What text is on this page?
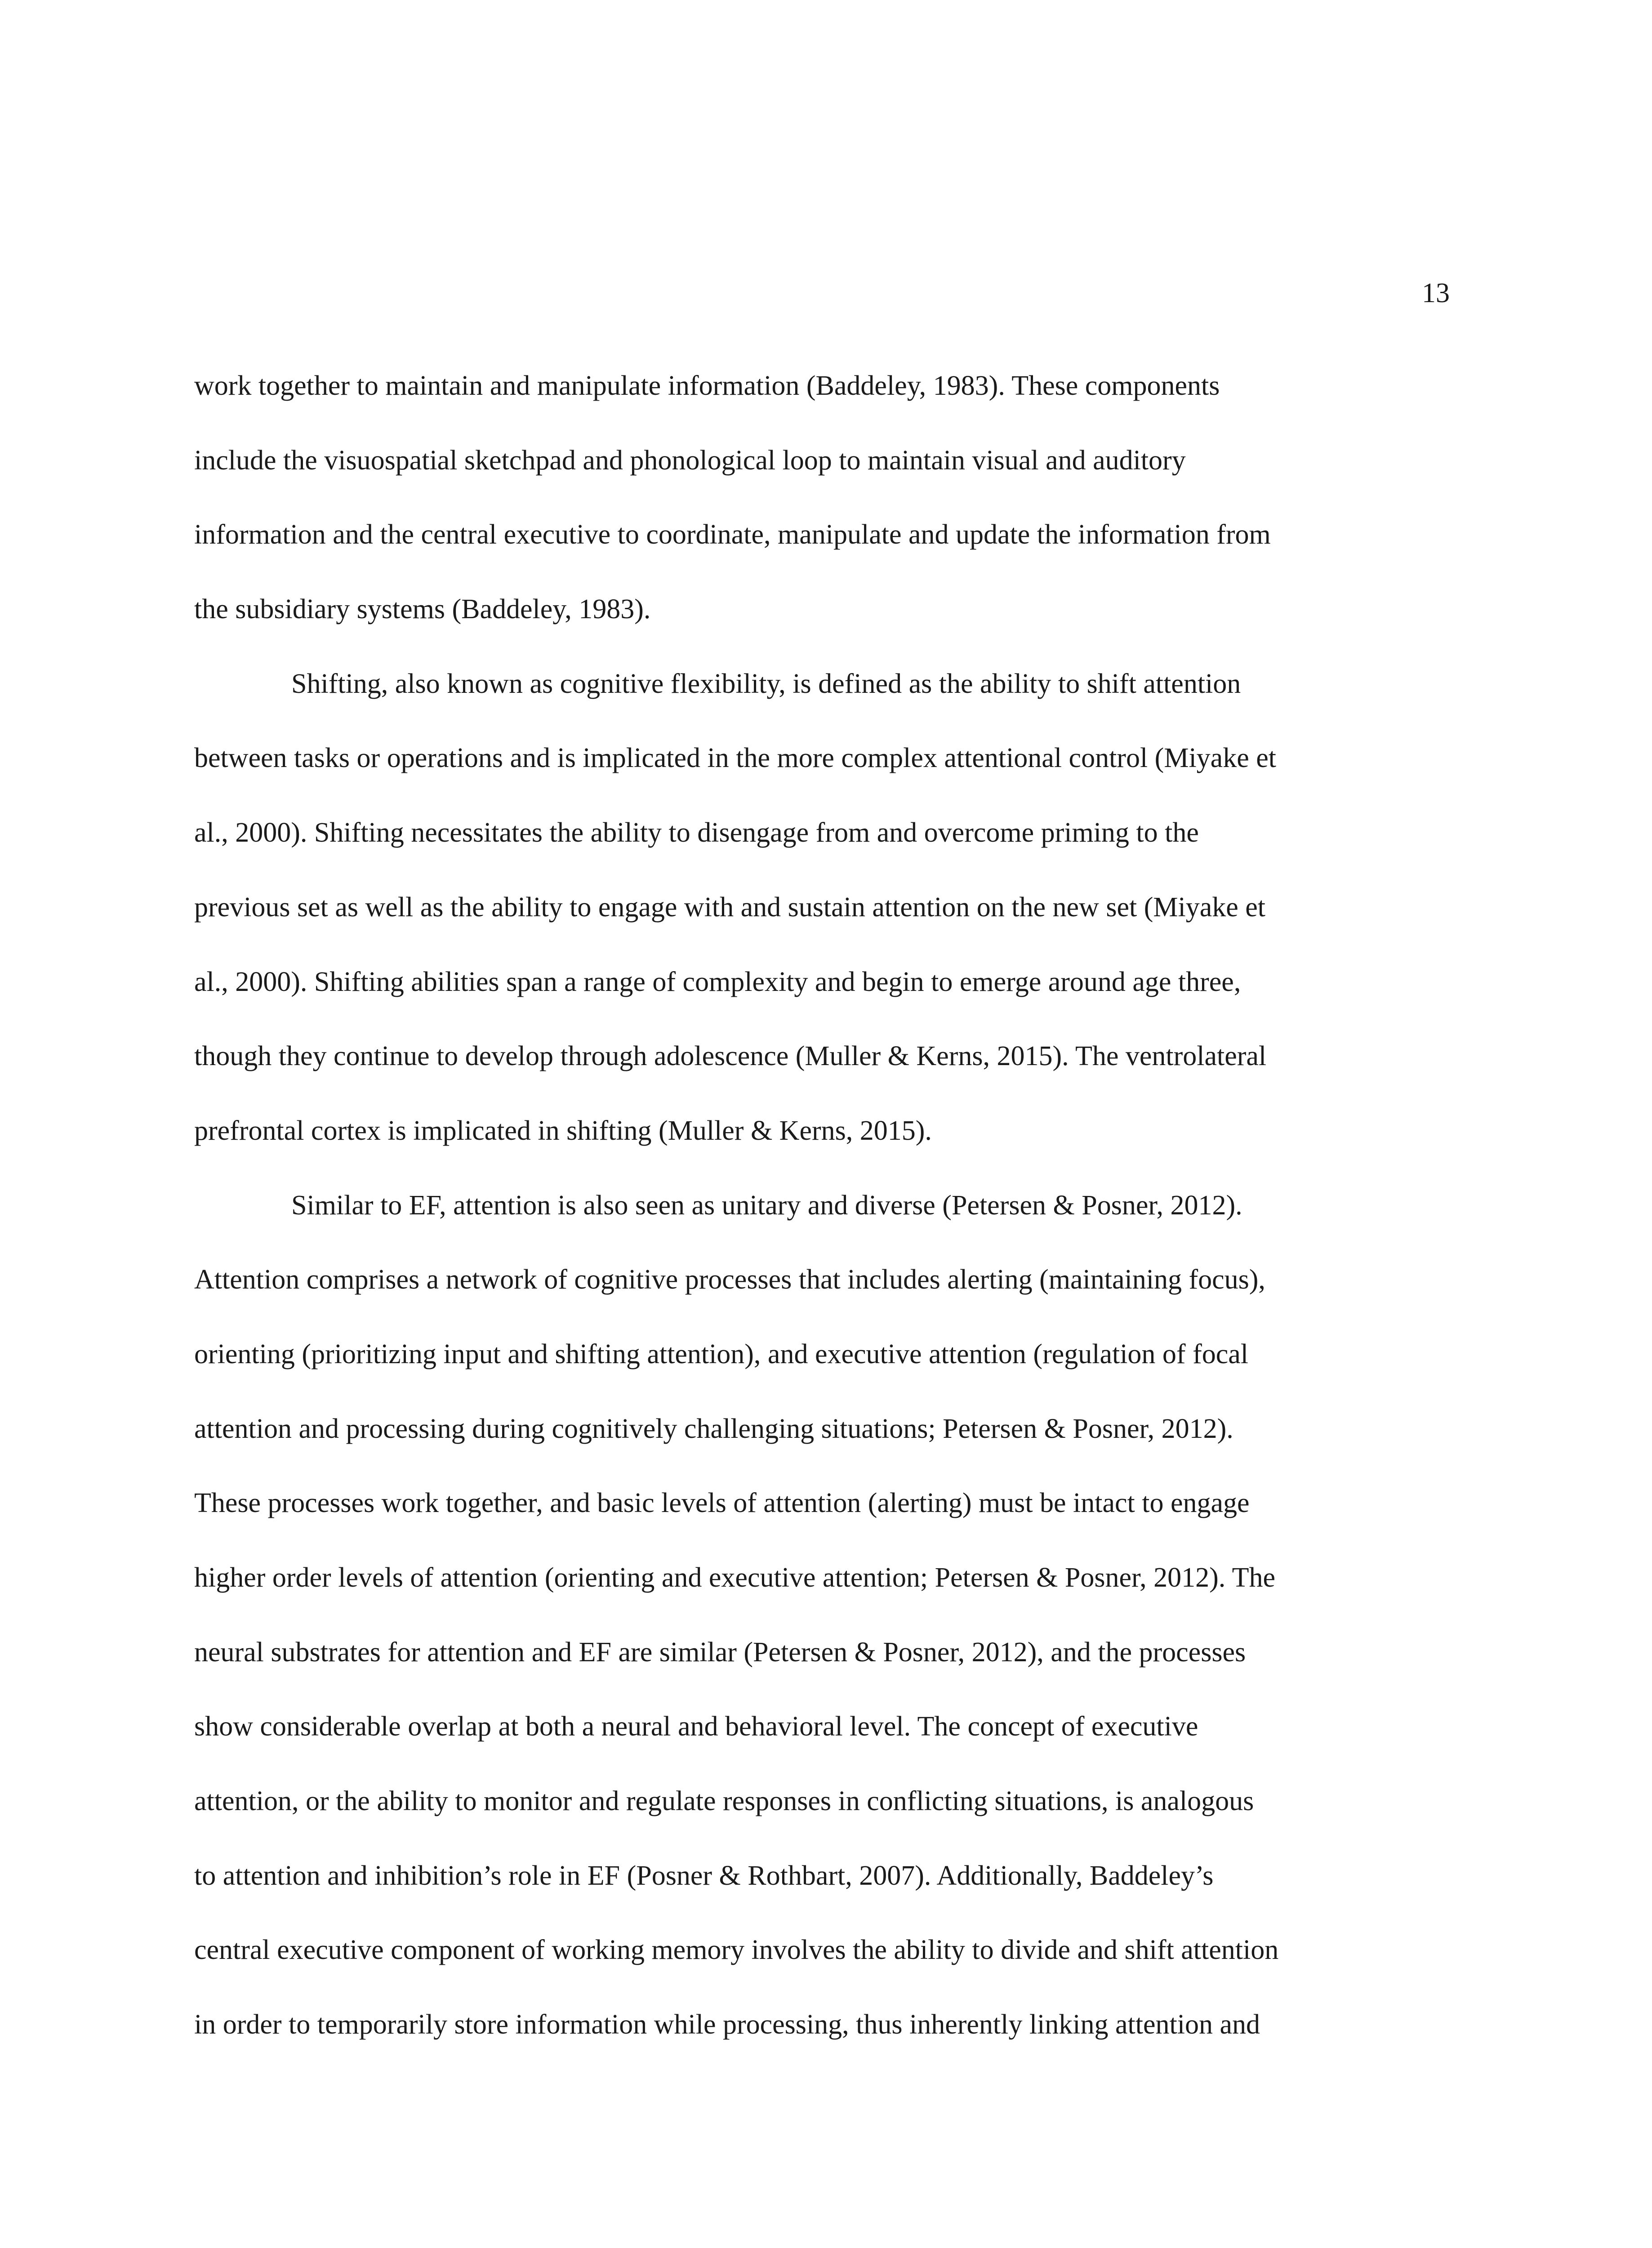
13
work together to maintain and manipulate information (Baddeley, 1983). These components
include the visuospatial sketchpad and phonological loop to maintain visual and auditory
information and the central executive to coordinate, manipulate and update the information from
the subsidiary systems (Baddeley, 1983).
Shifting, also known as cognitive flexibility, is defined as the ability to shift attention
between tasks or operations and is implicated in the more complex attentional control (Miyake et
al., 2000). Shifting necessitates the ability to disengage from and overcome priming to the
previous set as well as the ability to engage with and sustain attention on the new set (Miyake et
al., 2000). Shifting abilities span a range of complexity and begin to emerge around age three,
though they continue to develop through adolescence (Muller & Kerns, 2015). The ventrolateral
prefrontal cortex is implicated in shifting (Muller & Kerns, 2015).
Similar to EF, attention is also seen as unitary and diverse (Petersen & Posner, 2012).
Attention comprises a network of cognitive processes that includes alerting (maintaining focus),
orienting (prioritizing input and shifting attention), and executive attention (regulation of focal
attention and processing during cognitively challenging situations; Petersen & Posner, 2012).
These processes work together, and basic levels of attention (alerting) must be intact to engage
higher order levels of attention (orienting and executive attention; Petersen & Posner, 2012). The
neural substrates for attention and EF are similar (Petersen & Posner, 2012), and the processes
show considerable overlap at both a neural and behavioral level. The concept of executive
attention, or the ability to monitor and regulate responses in conflicting situations, is analogous
to attention and inhibition’s role in EF (Posner & Rothbart, 2007). Additionally, Baddeley’s
central executive component of working memory involves the ability to divide and shift attention
in order to temporarily store information while processing, thus inherently linking attention and
